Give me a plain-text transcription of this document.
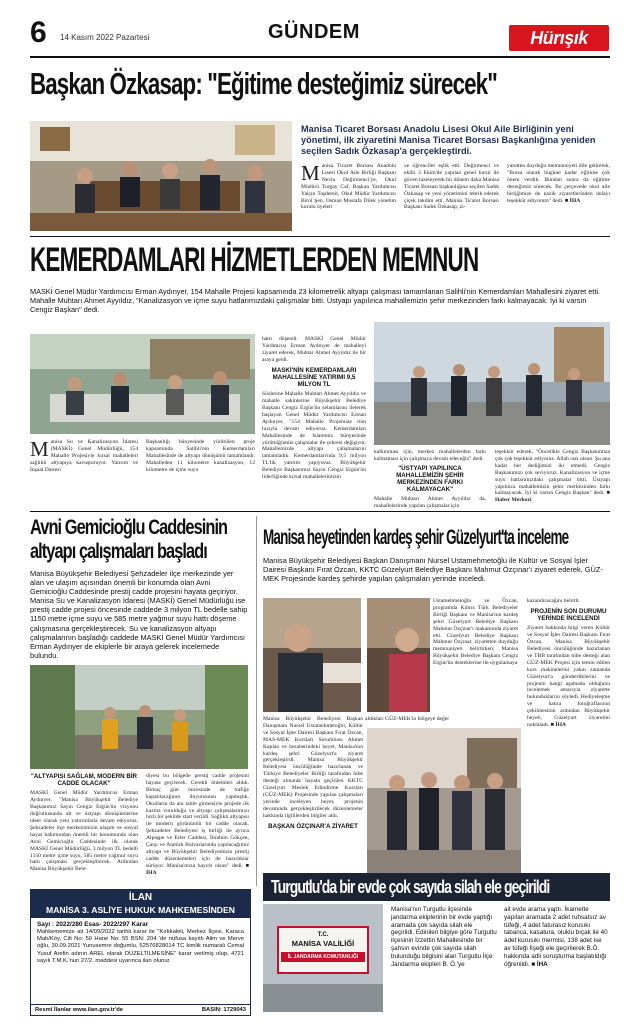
6 14 Kasım 2022 Pazartesi	GÜNDEM	Hürışık
Başkan Özkasap: "Eğitime desteğimiz sürecek"
Manisa Ticaret Borsası Anadolu Lisesi Okul Aile Birliğinin yeni yönetimi, ilk ziyaretini Manisa Ticaret Borsası Başkanlığına yeniden seçilen Sadık Özkasap'a gerçekleştirdi.
Manisa Ticaret Borsası Anadolu Lisesi Okul Aile Birliği Başkanı Nevin Değirmenci'ye, Okul Müdürü Turgay Caf, Başkan Yardımcısı Yalçın Taşdemir, Okul Müdür Yardımcısı Birol Şen, Osman Mustafa Dilek yönetim kurulu üyeleri
ve öğrenciler eşlik etti. Değirmenci ve ekibi 3 Ekim'de yapılan genel kurul ile güven tazeleyerek bir dönem daha Manisa Ticaret Borsası başkanlığına seçilen Sadık Özkasap ve yeni yönetimini tebrik ederek çiçek takdim etti. Manisa Ticaret Borsası Başkanı Sadık Özkasap, zi-
yaretten duyduğu memnuniyeti dile getirerek, "Borsa olarak bugüne kadar eğitime çok önem verdik. Bundan sonra da eğitime desteğimiz sürecek. Bu çerçevede okul aile birliğimize de nazik ziyaretlerinden dolayı teşekkür ediyorum" dedi. ■ İHA
KEMERDAMLARI HİZMETLERDEN MEMNUN
MASKİ Genel Müdür Yardımcısı Erman Aydınyer, 154 Mahalle Projesi kapsamında 23 kilometrelik altyapı çalışması tamamlanan Salihli'nin Kemerdamları Mahallesini ziyaret etti. Mahalle Muhtarı Ahmet Ayyıldız, "Kanalizasyon ve içme suyu hatlarımızdaki çalışmalar bitti. Üstyapı yapılınca mahallemizin şehir merkezinden farkı kalmayacak. İyi ki varsın Cengiz Başkan" dedi.
Manisa Su ve Kanalizasyon İdaresi (MASKİ) Genel Müdürlüğü, 154 Mahalle Projesiyle kırsal mahalleleri sağlıklı altyapıya kavuşturuyor. Yatırım ve İnşaat Dairesi
Başkanlığı bünyesinde yürütülen proje kapsamında Salihli'nin Kemerdamları Mahallesinde de altyapı dönüşümü tamamlandı. Mahalleden 11 kilometre kanalizasyon, 12 kilometre de içme suyu
hattı döşendi. MASKİ Genel Müdür Yardımcısı Erman Aydınyer de mahalleyi ziyaret ederek, Muhtar Ahmet Ayyıldız ile bir araya geldi.
MASKİ'NİN KEMERDAMLARI MAHALLESİNE YATIRIMI 9,5 MİLYON TL
Sözlerine Mahalle Muhtarı Ahmet Ayyıldız ve mahalle sakinlerine Büyükşehir Belediye Başkanı Cengiz Ergün'ün selamlarını ileterek başlayan Genel Müdür Yardımcısı Erman Aydınyer, "154 Mahalle Projemize tüm hızıyla devam ediyoruz. Kemerdamları Mahallesinde de Islaremiz bünyesinde yürüttüğümüz çalışmalar ile çehresi değişiyor. Mahallemizde altyapı çalışmalarını tamamladık. Kemerdamları'nda 9,5 milyon TL'lik yatırım yapıyoruz. Büyükşehir Belediye Başkanımız Sayın Cengiz Ergün'ün liderliğinde kırsal mahallelerimizin
kalkınması için, merkez mahallelerden farkı kalmaması için çalışmaya devam edeceğiz" dedi.
"ÜSTYAPI YAPILINCA MAHALLEMİZİN ŞEHİR MERKEZİNDEN FARKI KALMAYACAK"
Mahalle Muhtarı Ahmet Ayyıldız da, mahallelerinde yapılan çalışmalar için
teşekkür ederek, "Öncelikle Cengiz Başkanımıza çok çok teşekkür ediyoruz. Allah razı olsun. Şu ana kadar her dediğimizi iki etmedi. Cengiz Başkanımızı çok seviyoruz. Kanalizasyon ve içme suyu hatlarımızdaki çalışmalar bitti. Üstyapı yapılınca mahallemizin şehir merkezinden farkı kalmayacak. İyi ki varsın Cengiz Başkan" dedi. ■ Haber Merkezi
Avni Gemicioğlu Caddesinin
altyapı çalışmaları başladı
Manisa Büyükşehir Belediyesi Şehzadeler ilçe merkezinde yer alan ve ulaşım açısından önemli bir konumda olan Avni Gemicioğlu Caddesinde prestij cadde projesini hayata geçiriyor. Manisa Su ve Kanalizasyon İdaresi (MASKİ) Genel Müdürlüğü ise prestij cadde projesi öncesinde caddede 3 milyon TL bedelle sahip 1150 metre içme suyu ve 585 metre yağmur suyu hattı döşeme çalışmasına gerçekleştirecek. Su ve kanalizasyon altyapı çalışmalarının başladığı caddede MASKİ Genel Müdür Yardımcısı Erman Aydınyer de ekiplerle bir araya gelerek incelemede bulundu.
"ALTYAPISI SAĞLAM, MODERN BİR CADDE OLACAK"
MASKİ Genel Müdür Yardımcısı Erman Aydınyer, "Manisa Büyükşehir Belediye Başkanımız Sayın Cengiz Ergün'ün vizyonu doğrultusunda alt ve üstyapı dönüşümlerine ideer olarak yeni yatırımlarla devam ediyoruz. Şehzadeler ilçe merkezimizin ulaşım ve sosyal hayat bakımından önemli bir konumunda olan Avni Gemicioğlu Caddesinde ilk olarak MASKİ Genel Müdürlüğü, 3 milyon TL bedelli 1150 metre içme suyu, 585 metre yağmur suyu hattı çalışması gerçekleştirecek. Ardından Manisa Büyükşehir Bele-
diyesi bu bölgede prestij cadde projesini hayata geçirecek. Gerekli önlemleri aldık. Birkaç gün öncesinde de trafiğe kapatılacağının duyurusunu yapmıştık. Okulların da ara tatile girmesiyle projede ilk kazma vurulduğu ve altyapı çalışmalarımızı hızlı bir şekilde start verildi. Sağlıklı altyapısı ile modern görünümlü bir cadde olacak. Şehzadeler Belediyesi iş birliği ile ayrıca Alpaşpe ve Erler Caddesi, İbrahim Gökçen, Çarşı ve Atatürk Bulvarlarında yapılacağımız altyapı ve Büyükşehir Belediyemizin prestij cadde düzenlemeleri için de hazırlıklar sürüyor. Manisa'mıza hayırlı olsun" dedi. ■ İHA
Manisa heyetinden kardeş şehir Güzelyurt'ta inceleme
Manisa Büyükşehir Belediyesi Başkan Danışmanı Nursel Ustamehmetoğlu ile Kültür ve Sosyal İşler Dairesi Başkanı Fırat Özcan, KKTC Güzelyurt Belediye Başkanı Mahmut Özçınar'ı ziyaret ederek, GÜZ-MEK Projesinde kardeş şehirde yapılan çalışmaları yerinde inceledi.
Ustamehmetoğlu ve Özcan, programda Kıbrıs Türk Belediyeler Birliği Başkanı ve Manisa'nın kardeş şehri Güzelyurt Belediye Başkanı Mahmut Özçınar'ı makamında ziyaret etti. Güzelyurt Belediye Başkanı Mahmut Özçınar, ziyaretten duyduğu memnuniyeti belirtirken; Manisa Büyükşehir Belediye Başkanı Cengiz Ergün'ün desteklerine ile uygulamaya
aldıkları GÜZ-MEK'in bölgeye değer
Manisa Büyükşehir Belediyesi Başkan Danışmanı Nursel Ustamehmetoğlu, Kültür ve Sosyal İşler Dairesi Başkanı Fırat Özcan, MAS-MEK Kursları Sorumlusu Ahmet Kaplan ve beraberindeki heyet, Manisa'nın kardeş şehri Güzelyurt'a ziyaret gerçekleştirdi. Manisa Büyükşehir Belediyesi öncülüğünde hazırlanan ve Türkiye Belediyeler Birliği tarafından hibe desteği alınarak hayata geçirilen KKTC Güzelyurt Meslek Edindirme Kursları (GÜZ-MEK) Projesinde yapılan çalışmaları yerinde inceleyen heyet, projenin devamında gerçekleştirilecek düzenlemeler hakkında ilgililerden bilgiler aldı.
BAŞKAN ÖZÇINAR'A ZİYARET
kazandıracağını belirtti.
PROJENİN SON DURUMU YERİNDE İNCELENDİ
Ziyaret hakkında bilgi veren Kültür ve Sosyal İşler Dairesi Başkanı Fırat Özcan, Manisa Büyükşehir Belediyesi öncülüğünde hazırlanan ve TBB tarafından hibe desteği alan GÜZ-MEK Projesi için temin edilen kurs makinelerini yakın zamanda Güzelyurt'a gönderdiklerini ve projenin hangi aşamada olduğunu incelemek amacıyla ziyarette bulunduklarını söyledi. Hediyeleşme ve hatıra fotoğraflarının çekilmesinin ardından Büyükşehir heyeti, Güzelyurt ziyaretini noktaladı. ■ İHA
Turgutlu'da bir evde çok sayıda silah ele geçirildi
T.C.
MANİSA VALİLİĞİ
İL JANDARMA KOMUTANLIĞI
Manisa'nın Turgutlu ilçesinde jandarma ekiplerinin bir evde yaptığı aramada çok sayıda silah ele geçirildi. Edinilen bilgiye göre Turgutlu ilçesinin İzzettin Mahallesinde bir şahsın evinde çok sayıda silah bulunduğu bilgisini alan Turgutlu İlçe Jandarma ekipleri B. Ö.'ye
ait evde arama yaptı. İkamette yapılan aramada 2 adet ruhsatsız av tüfeği, 4 adet faturasız kurusıkı tabanca, kasatura, oluklu bıçak ile 40 adet kurusıkı mermisi, 138 adet ise av tüfeği fişeği ele geçirilerek B.Ö. hakkında adli soruşturma başlatıldığı öğrenildi. ■ İHA
İLAN
MANİSA 3. ASLİYE HUKUK MAHKEMESİNDEN
Sayı : 2022/280 Esas- 2022/297 Karar
Mahkememize ait 14/09/2022 tarihli karar ile "Kırkkaleli, Merkez İlçesi, Karaca Mah/Köy, Cilt No: 50 Hane No: 55 BSN: 204 'de nüfusa kayıtlı Alim ve Merve oğlu, 30.09.2021 Yunusemre doğumlu, 52576828014 TC kimlik numaralı Cemal Yusuf Arefin adının AREL olarak DÜZELTİLMESİNE" karar verilmiş olup, 4721 sayılı T.M.K.'nun 27/2. maddesi uyarınca ilan olunur.
Resmî İlanlar www.ilan.gov.tr'de	BASIN: 1729043
